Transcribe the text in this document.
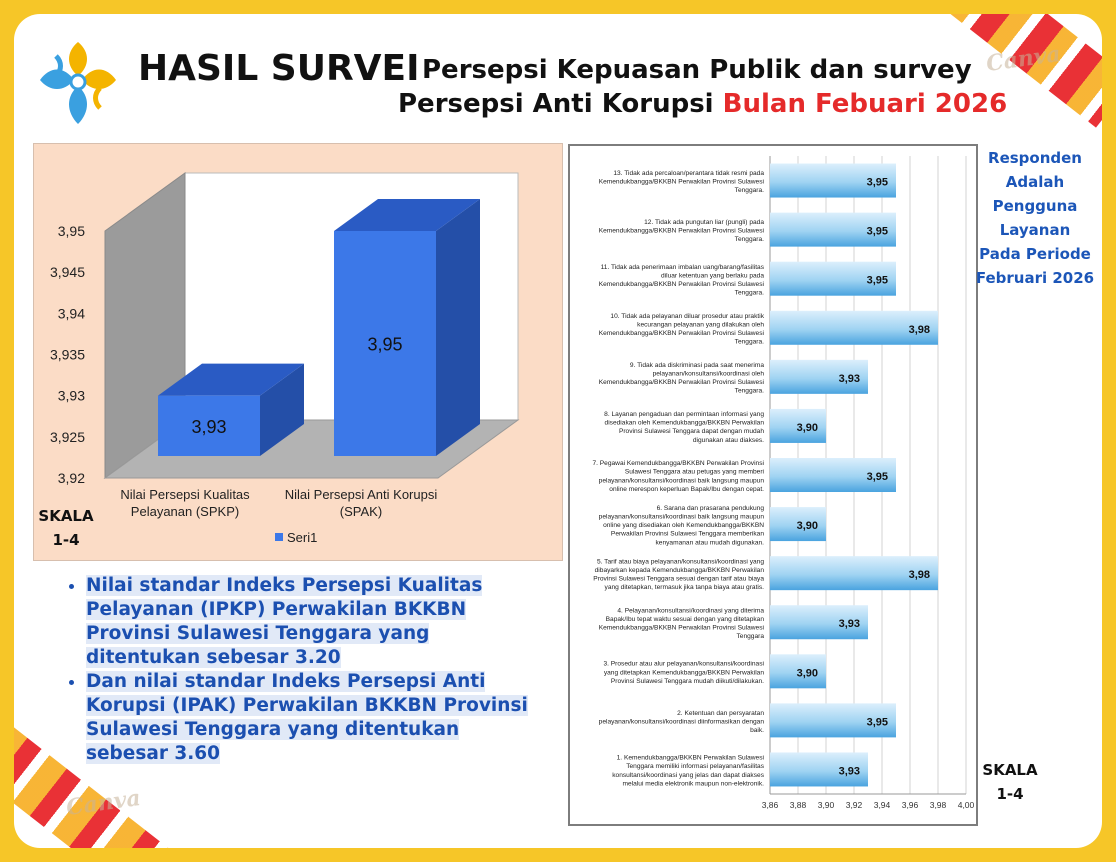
Canva
Canva
HASIL SURVEI Persepsi Kepuasan Publik dan survey
Persepsi Anti Korupsi Bulan Febuari 2026
3,92
3,925
3,93
3,935
3,94
3,945
3,95
3,93
Nilai Persepsi Kualitas
Pelayanan (SPKP)
3,95
Nilai Persepsi Anti Korupsi
(SPAK)
Seri1
3,86 3,88 3,90 3,92 3,94 3,96 3,98 4,00
3,95
13. Tidak ada percaloan/perantara tidak resmi pada
Kemendukbangga/BKKBN Perwakilan Provinsi Sulawesi
Tenggara.
3,95
12. Tidak ada pungutan liar (pungli) pada
Kemendukbangga/BKKBN Perwakilan Provinsi Sulawesi
Tenggara.
3,95
11. Tidak ada penerimaan imbalan uang/barang/fasilitas
diluar ketentuan yang berlaku pada
Kemendukbangga/BKKBN Perwakilan Provinsi Sulawesi
Tenggara.
3,98
10. Tidak ada pelayanan diluar prosedur atau praktik
kecurangan pelayanan yang dilakukan oleh
Kemendukbangga/BKKBN Perwakilan Provinsi Sulawesi
Tenggara.
3,93
9. Tidak ada diskriminasi pada saat menerima
pelayanan/konsultansi/koordinasi oleh
Kemendukbangga/BKKBN Perwakilan Provinsi Sulawesi
Tenggara.
3,90
8. Layanan pengaduan dan permintaan informasi yang
disediakan oleh Kemendukbangga/BKKBN Perwakilan
Provinsi Sulawesi Tenggara dapat dengan mudah
digunakan atau diakses.
3,95
7. Pegawai Kemendukbangga/BKKBN Perwakilan Provinsi
Sulawesi Tenggara atau petugas yang memberi
pelayanan/konsultansi/koordinasi baik langsung maupun
online merespon keperluan Bapak/Ibu dengan cepat.
3,90
6. Sarana dan prasarana pendukung
pelayanan/konsultansi/koordinasi baik langsung maupun
online yang disediakan oleh Kemendukbangga/BKKBN
Perwakilan Provinsi Sulawesi Tenggara memberikan
kenyamanan atau mudah digunakan.
3,98
5. Tarif atau biaya pelayanan/konsultansi/koordinasi yang
dibayarkan kepada Kemendukbangga/BKKBN Perwakilan
Provinsi Sulawesi Tenggara sesuai dengan tarif atau biaya
yang ditetapkan, termasuk jika tanpa biaya atau gratis.
3,93
4. Pelayanan/konsultansi/koordinasi yang diterima
Bapak/Ibu tepat waktu sesuai dengan yang ditetapkan
Kemendukbangga/BKKBN Perwakilan Provinsi Sulawesi
Tenggara
3,90
3. Prosedur atau alur pelayanan/konsultansi/koordinasi
yang ditetapkan Kemendukbangga/BKKBN Perwakilan
Provinsi Sulawesi Tenggara mudah diikuti/dilakukan.
3,95
2. Ketentuan dan persyaratan
pelayanan/konsultansi/koordinasi diinformasikan dengan
baik.
3,93
1. Kemendukbangga/BKKBN Perwakilan Sulawesi
Tenggara memiliki informasi pelayanan/fasilitas
konsultansi/koordinasi yang jelas dan dapat diakses
melalui media elektronik maupun non-elektronik.
Responden
Adalah
Pengguna
Layanan
Pada Periode
Februari 2026
SKALA
1-4
SKALA
1-4
• Nilai standar Indeks Persepsi Kualitas Pelayanan (IPKP) Perwakilan BKKBN Provinsi Sulawesi Tenggara yang ditentukan sebesar 3.20
• Dan nilai standar Indeks Persepsi Anti Korupsi (IPAK) Perwakilan BKKBN Provinsi Sulawesi Tenggara yang ditentukan sebesar 3.60
